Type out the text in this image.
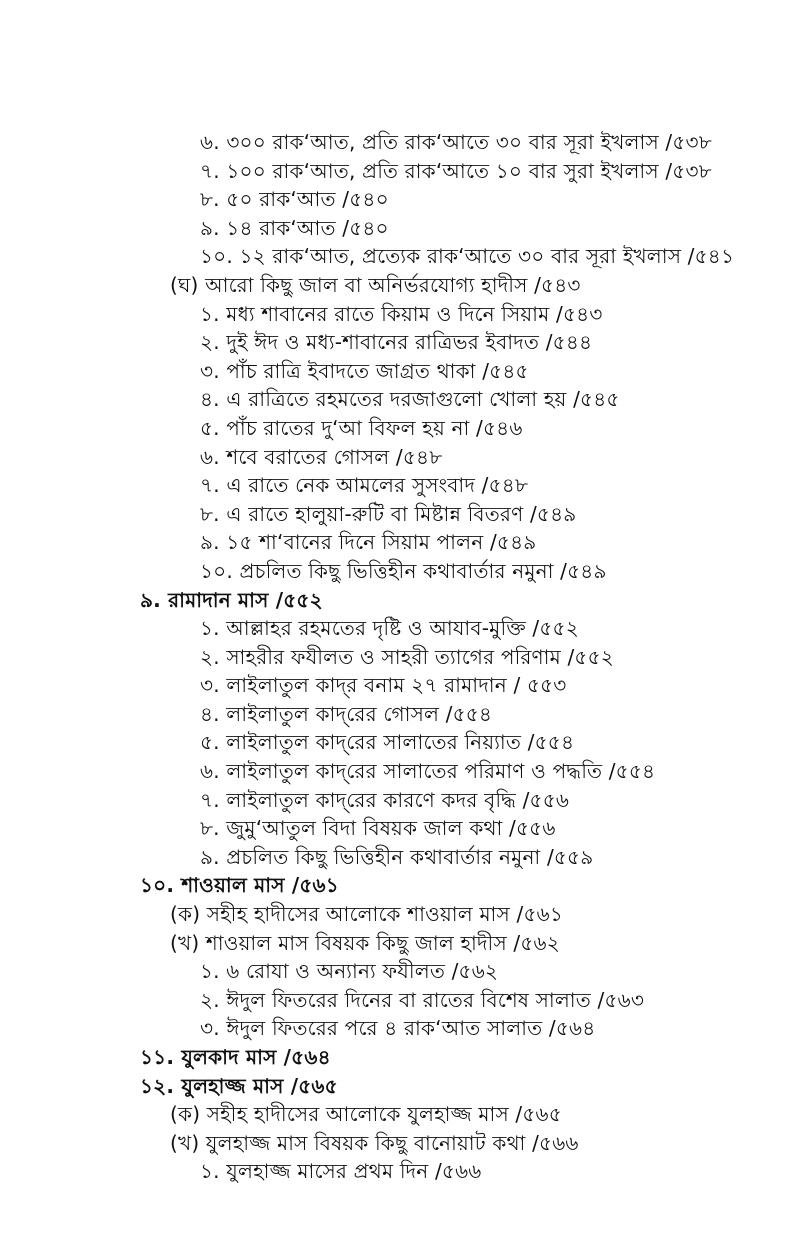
৬. ৩০০ রাক‘আত, প্রতি রাক‘আতে ৩০ বার সূরা ইখলাস /৫৩৮
৭. ১০০ রাক‘আত, প্রতি রাক‘আতে ১০ বার সুরা ইখলাস /৫৩৮
৮. ৫০ রাক‘আত /৫৪০
৯. ১৪ রাক‘আত /৫৪০
১০. ১২ রাক‘আত, প্রত্যেক রাক‘আতে ৩০ বার সূরা ইখলাস /৫৪১
(ঘ) আরো কিছু জাল বা অনির্ভরযোগ্য হাদীস /৫৪৩
১. মধ্য শাবানের রাতে কিয়াম ও দিনে সিয়াম /৫৪৩
২. দুই ঈদ ও মধ্য-শাবানের রাত্রিভর ইবাদত /৫৪৪
৩. পাঁচ রাত্রি ইবাদতে জাগ্রত থাকা /৫৪৫
৪. এ রাত্রিতে রহমতের দরজাগুলো খোলা হয় /৫৪৫
৫. পাঁচ রাতের দু‘আ বিফল হয় না /৫৪৬
৬. শবে বরাতের গোসল /৫৪৮
৭. এ রাতে নেক আমলের সুসংবাদ /৫৪৮
৮. এ রাতে হালুয়া-রুটি বা মিষ্টান্ন বিতরণ /৫৪৯
৯. ১৫ শা‘বানের দিনে সিয়াম পালন /৫৪৯
১০. প্রচলিত কিছু ভিত্তিহীন কথাবার্তার নমুনা /৫৪৯
৯. রামাদান মাস /৫৫২
১. আল্লাহর রহমতের দৃষ্টি ও আযাব-মুক্তি /৫৫২
২. সাহরীর ফযীলত ও সাহরী ত্যাগের পরিণাম /৫৫২
৩. লাইলাতুল কাদ্‌র বনাম ২৭ রামাদান / ৫৫৩
৪. লাইলাতুল কাদ্‌রের গোসল /৫৫৪
৫. লাইলাতুল কাদ্‌রের সালাতের নিয়্যাত /৫৫৪
৬. লাইলাতুল কাদ্‌রের সালাতের পরিমাণ ও পদ্ধতি /৫৫৪
৭. লাইলাতুল কাদ্‌রের কারণে কদর বৃদ্ধি /৫৫৬
৮. জুমু‘আতুল বিদা বিষয়ক জাল কথা /৫৫৬
৯. প্রচলিত কিছু ভিত্তিহীন কথাবার্তার নমুনা /৫৫৯
১০. শাওয়াল মাস /৫৬১
(ক) সহীহ হাদীসের আলোকে শাওয়াল মাস /৫৬১
(খ) শাওয়াল মাস বিষয়ক কিছু জাল হাদীস /৫৬২
১. ৬ রোযা ও অন্যান্য ফযীলত /৫৬২
২. ঈদুল ফিতরের দিনের বা রাতের বিশেষ সালাত /৫৬৩
৩. ঈদুল ফিতরের পরে ৪ রাক‘আত সালাত /৫৬৪
১১. যুলকাদ মাস /৫৬৪
১২. যুলহাজ্জ মাস /৫৬৫
(ক) সহীহ হাদীসের আলোকে যুলহাজ্জ মাস /৫৬৫
(খ) যুলহাজ্জ মাস বিষয়ক কিছু বানোয়াট কথা /৫৬৬
১. যুলহাজ্জ মাসের প্রথম দিন /৫৬৬
